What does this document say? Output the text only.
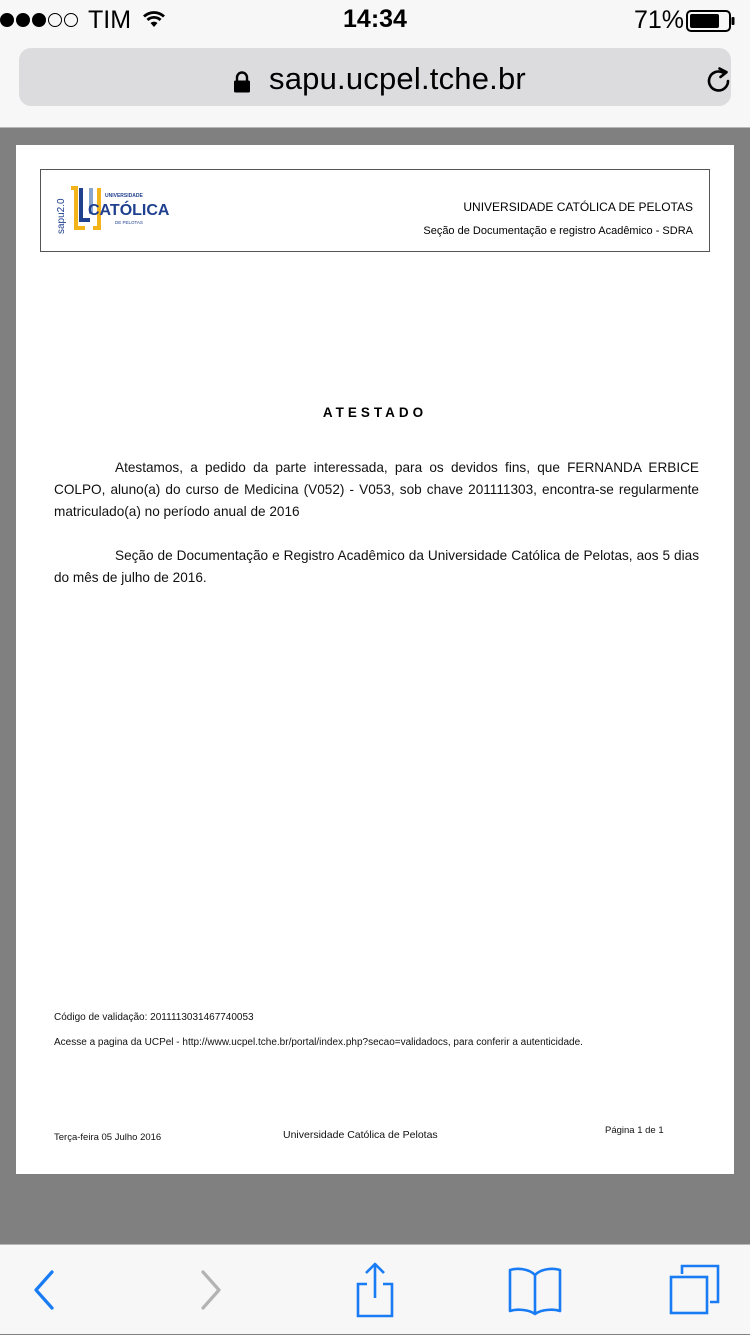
TIM	14:34	71%
sapu.ucpel.tche.br
sapu2.0
UNIVERSIDADE
CATÓLICA
DE PELOTAS
UNIVERSIDADE CATÓLICA DE PELOTAS
Seção de Documentação e registro Acadêmico - SDRA
ATESTADO

Atestamos, a pedido da parte interessada, para os devidos fins, que FERNANDA ERBICE COLPO, aluno(a) do curso de Medicina (V052) - V053, sob chave 201111303, encontra-se regularmente matriculado(a) no período anual de 2016

Seção de Documentação e Registro Acadêmico da Universidade Católica de Pelotas, aos 5 dias do mês de julho de 2016.

Código de validação: 2011113031467740053
Acesse a pagina da UCPel - http://www.ucpel.tche.br/portal/index.php?secao=validadocs, para conferir a autenticidade.
Terça-feira 05 Julho 2016	Universidade Católica de Pelotas	Página 1 de 1
